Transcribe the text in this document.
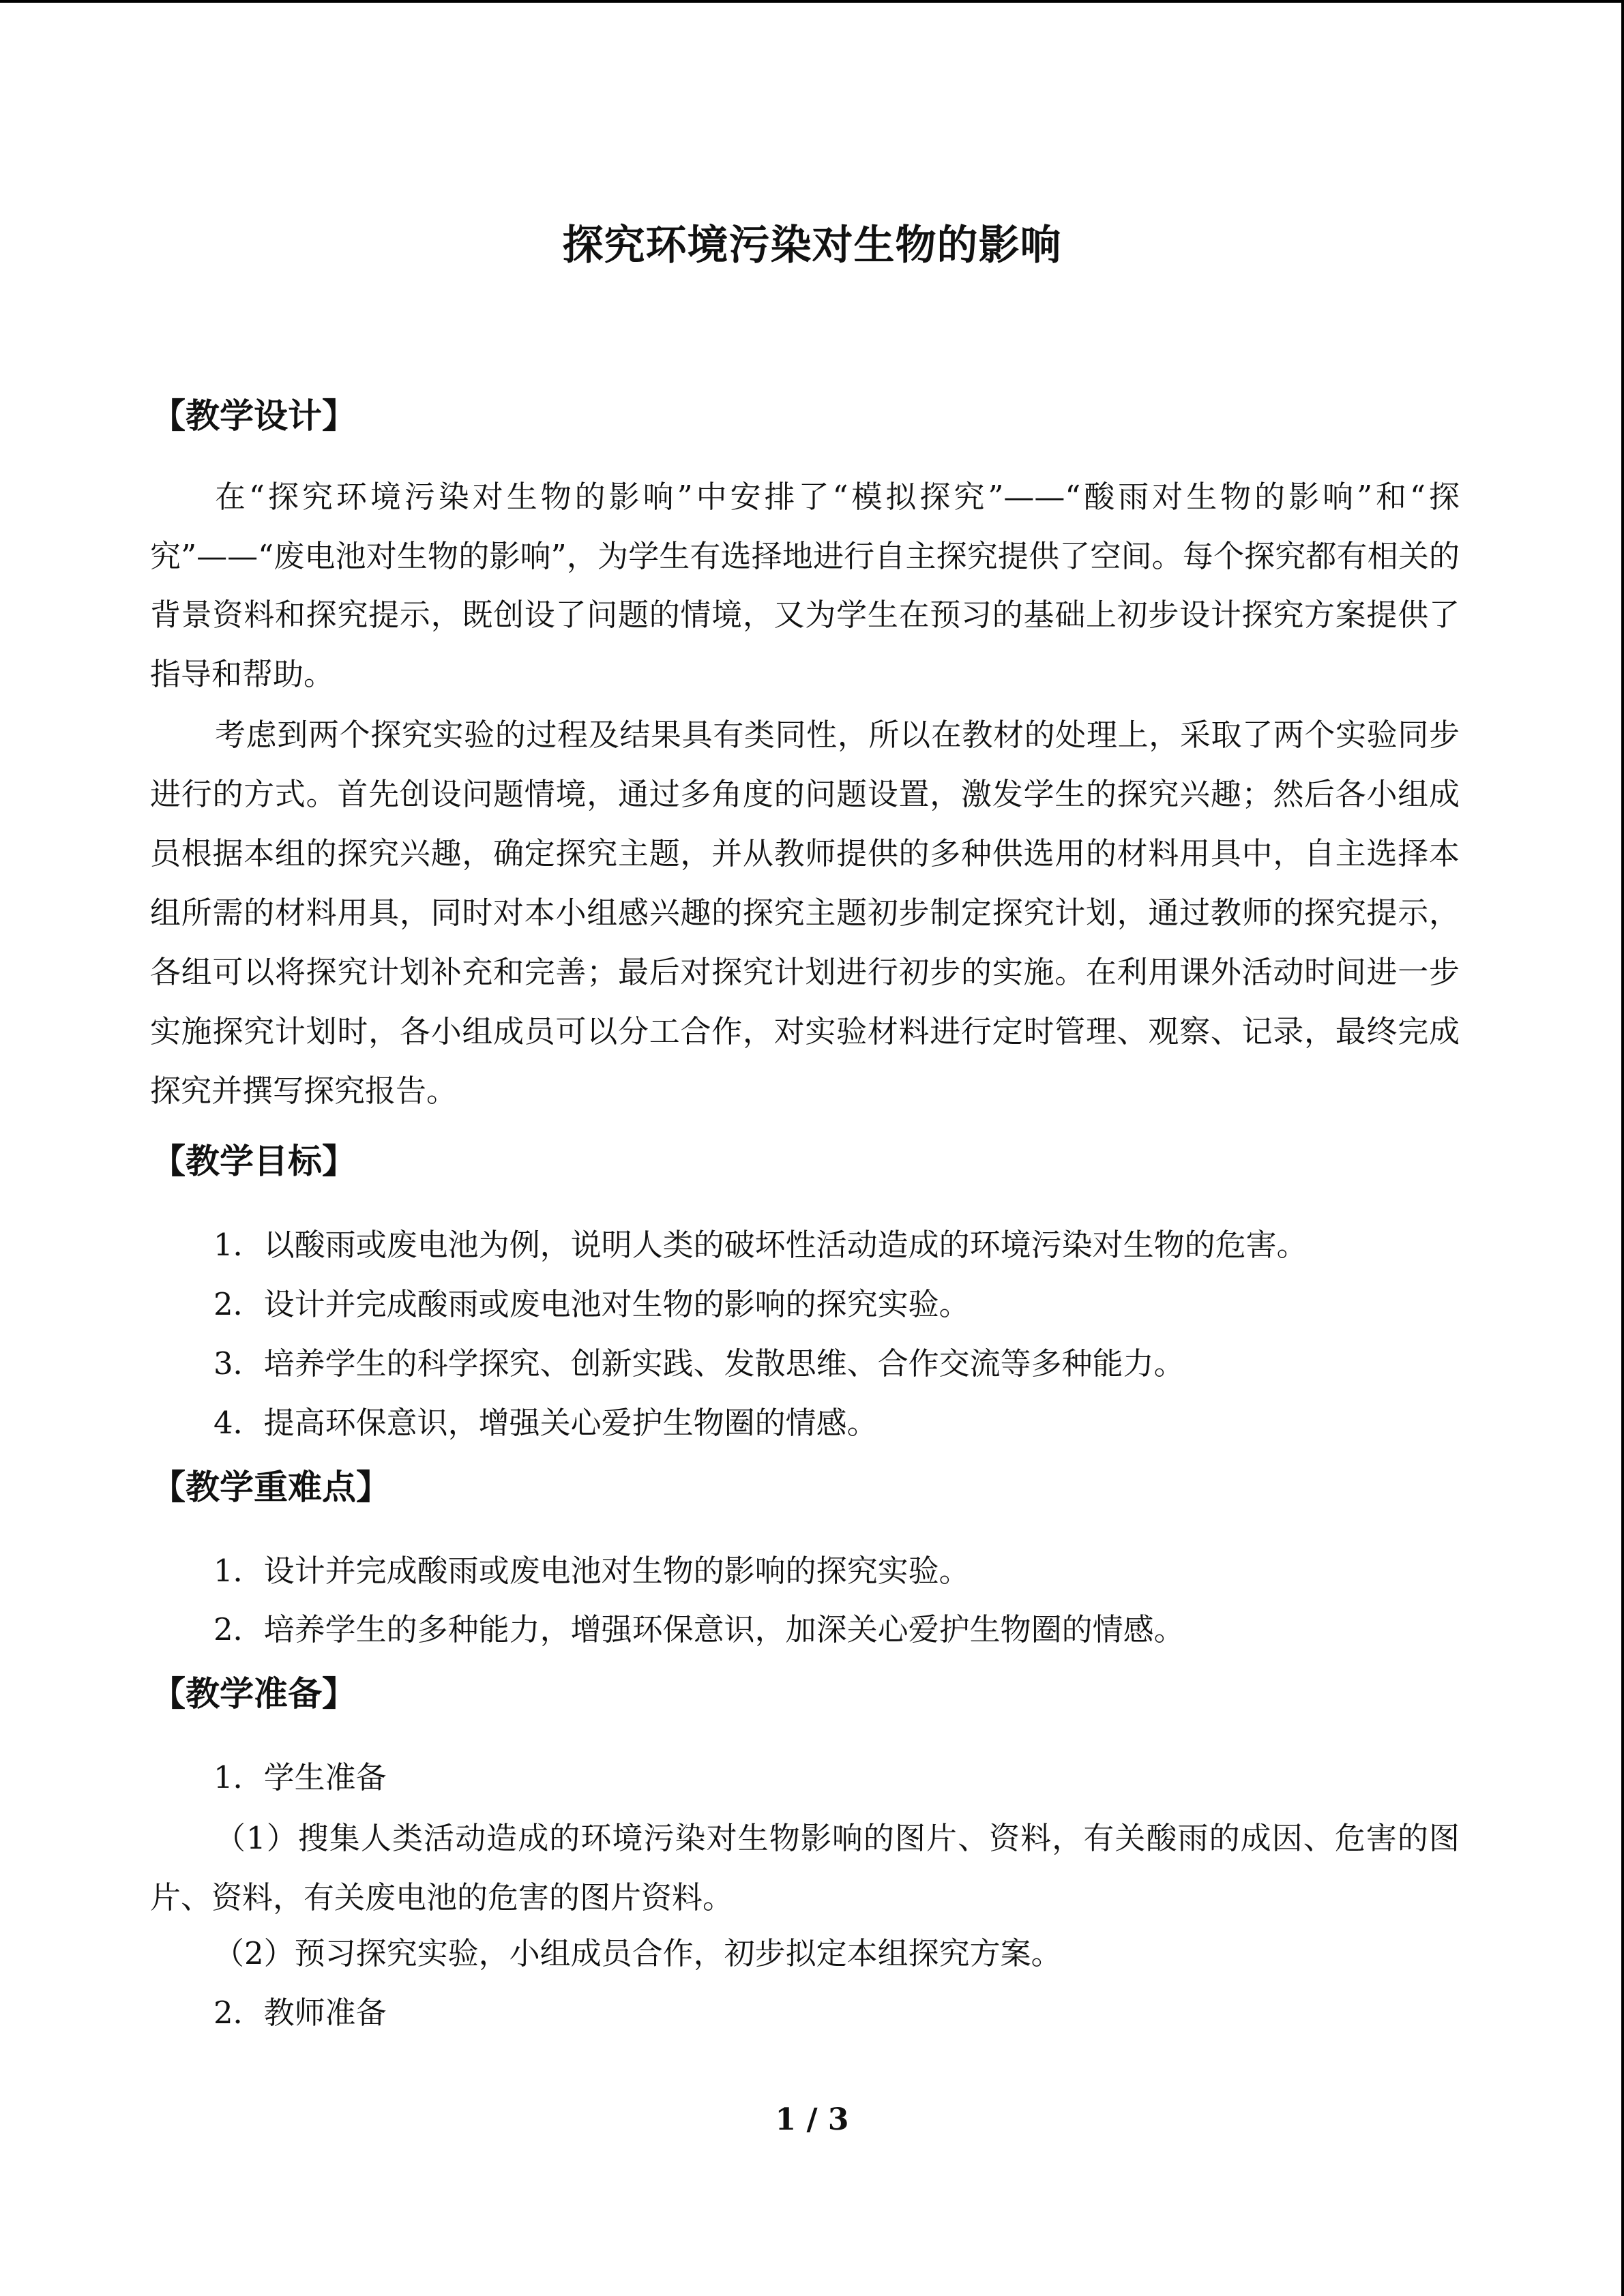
探究环境污染对生物的影响
【教学设计】
在“探究环境污染对生物的影响”中安排了“模拟探究”——“酸雨对生物的影响”和“探究”——“废电池对生物的影响”，为学生有选择地进行自主探究提供了空间。每个探究都有相关的背景资料和探究提示，既创设了问题的情境，又为学生在预习的基础上初步设计探究方案提供了指导和帮助。
考虑到两个探究实验的过程及结果具有类同性，所以在教材的处理上，采取了两个实验同步进行的方式。首先创设问题情境，通过多角度的问题设置，激发学生的探究兴趣；然后各小组成员根据本组的探究兴趣，确定探究主题，并从教师提供的多种供选用的材料用具中，自主选择本组所需的材料用具，同时对本小组感兴趣的探究主题初步制定探究计划，通过教师的探究提示，各组可以将探究计划补充和完善；最后对探究计划进行初步的实施。在利用课外活动时间进一步实施探究计划时，各小组成员可以分工合作，对实验材料进行定时管理、观察、记录，最终完成探究并撰写探究报告。
【教学目标】
1．以酸雨或废电池为例，说明人类的破坏性活动造成的环境污染对生物的危害。
2．设计并完成酸雨或废电池对生物的影响的探究实验。
3．培养学生的科学探究、创新实践、发散思维、合作交流等多种能力。
4．提高环保意识，增强关心爱护生物圈的情感。
【教学重难点】
1．设计并完成酸雨或废电池对生物的影响的探究实验。
2．培养学生的多种能力，增强环保意识，加深关心爱护生物圈的情感。
【教学准备】
1．学生准备
（1）搜集人类活动造成的环境污染对生物影响的图片、资料，有关酸雨的成因、危害的图片、资料，有关废电池的危害的图片资料。
（2）预习探究实验，小组成员合作，初步拟定本组探究方案。
2．教师准备
1 / 3
